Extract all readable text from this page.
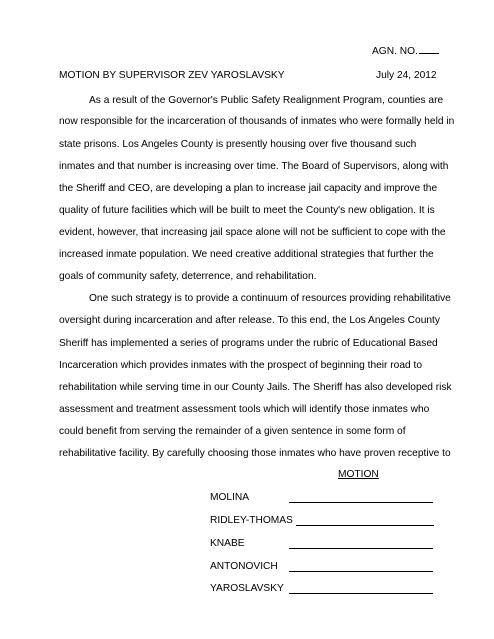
AGN. NO.
MOTION BY SUPERVISOR ZEV YAROSLAVSKY	July 24, 2012
As a result of the Governor's Public Safety Realignment Program, counties are
now responsible for the incarceration of thousands of inmates who were formally held in
state prisons. Los Angeles County is presently housing over five thousand such
inmates and that number is increasing over time. The Board of Supervisors, along with
the Sheriff and CEO, are developing a plan to increase jail capacity and improve the
quality of future facilities which will be built to meet the County's new obligation. It is
evident, however, that increasing jail space alone will not be sufficient to cope with the
increased inmate population. We need creative additional strategies that further the
goals of community safety, deterrence, and rehabilitation.
One such strategy is to provide a continuum of resources providing rehabilitative
oversight during incarceration and after release. To this end, the Los Angeles County
Sheriff has implemented a series of programs under the rubric of Educational Based
Incarceration which provides inmates with the prospect of beginning their road to
rehabilitation while serving time in our County Jails. The Sheriff has also developed risk
assessment and treatment assessment tools which will identify those inmates who
could benefit from serving the remainder of a given sentence in some form of
rehabilitative facility. By carefully choosing those inmates who have proven receptive to
MOTION
MOLINA
RIDLEY-THOMAS
KNABE
ANTONOVICH
YAROSLAVSKY
